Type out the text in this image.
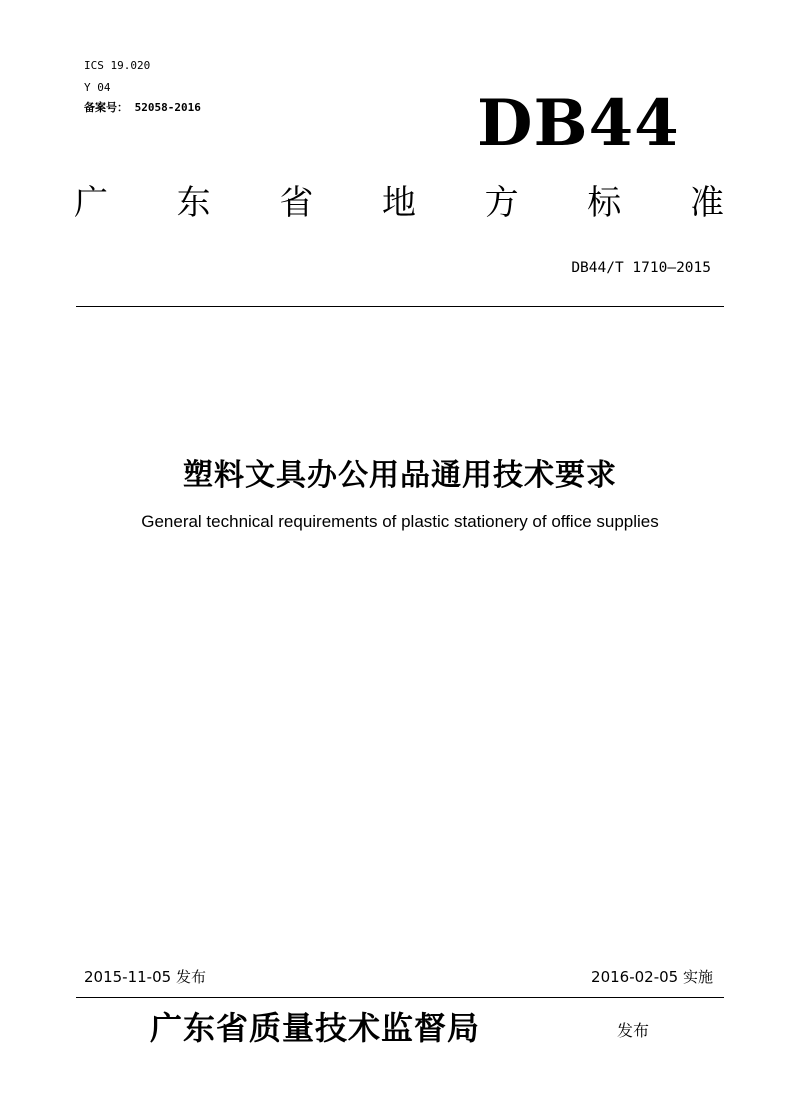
ICS 19.020
Y 04
备案号： 52058-2016	DB44
广 东 省 地 方 标 准
DB44/T 1710—2015
塑料文具办公用品通用技术要求
General technical requirements of plastic stationery of office supplies
2015-11-05 发布	2016-02-05 实施
广东省质量技术监督局	发布
